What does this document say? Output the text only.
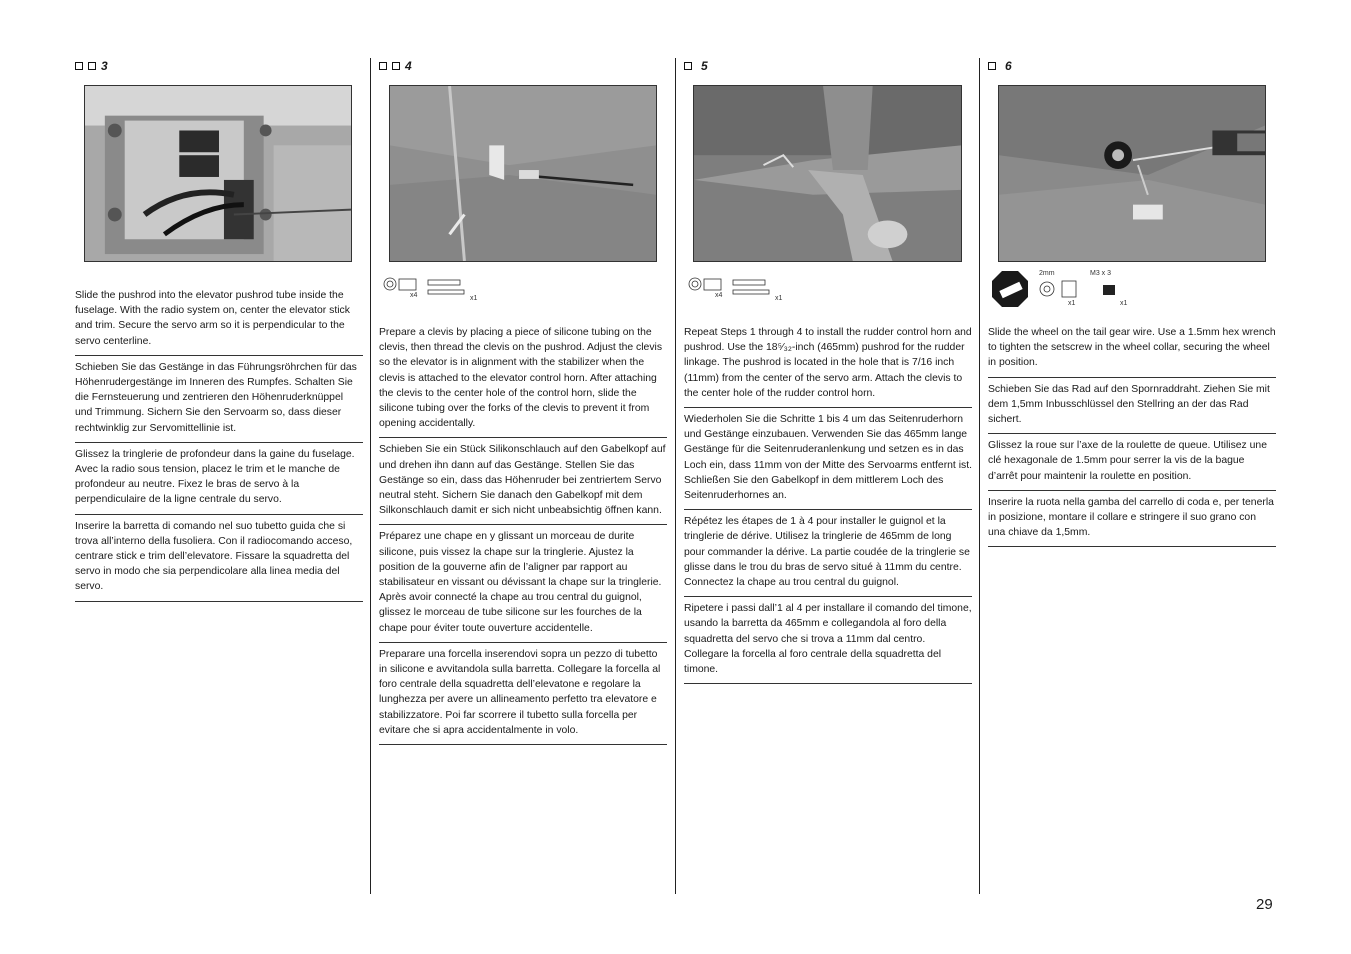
3
Slide the pushrod into the elevator pushrod tube inside the fuselage. With the radio system on, center the elevator stick and trim. Secure the servo arm so it is perpendicular to the servo centerline.
Schieben Sie das Gestänge in das Führungsröhrchen für das Höhenrudergestänge im Inneren des Rumpfes. Schalten Sie die Fernsteuerung und zentrieren den Höhenruderknüppel und Trimmung. Sichern Sie den Servoarm so, dass dieser rechtwinklig zur Servomittellinie ist.
Glissez la tringlerie de profondeur dans la gaine du fuselage. Avec la radio sous tension, placez le trim et le manche de profondeur au neutre. Fixez le bras de servo à la perpendiculaire de la ligne centrale du servo.
Inserire la barretta di comando nel suo tubetto guida che si trova all’interno della fusoliera. Con il radiocomando acceso, centrare stick e trim dell’elevatore. Fissare la squadretta del servo in modo che sia perpendicolare alla linea media del servo.
4
x4	x1
Prepare a clevis by placing a piece of silicone tubing on the clevis, then thread the clevis on the pushrod. Adjust the clevis so the elevator is in alignment with the stabilizer when the clevis is attached to the elevator control horn. After attaching the clevis to the center hole of the control horn, slide the silicone tubing over the forks of the clevis to prevent it from opening accidentally.
Schieben Sie ein Stück Silikonschlauch auf den Gabelkopf auf und drehen ihn dann auf das Gestänge. Stellen Sie das Gestänge so ein, dass das Höhenruder bei zentriertem Servo neutral steht. Sichern Sie danach den Gabelkopf mit dem Silkonschlauch damit er sich nicht unbeabsichtig öffnen kann.
Préparez une chape en y glissant un morceau de durite silicone, puis vissez la chape sur la tringlerie. Ajustez la position de la gouverne afin de l’aligner par rapport au stabilisateur en vissant ou dévissant la chape sur la tringlerie. Après avoir connecté la chape au trou central du guignol, glissez le morceau de tube silicone sur les fourches de la chape pour éviter toute ouverture accidentelle.
Preparare una forcella inserendovi sopra un pezzo di tubetto in silicone e avvitandola sulla barretta. Collegare la forcella al foro centrale della squadretta dell’elevatone e regolare la lunghezza per avere un allineamento perfetto tra elevatore e stabilizzatore. Poi far scorrere il tubetto sulla forcella per evitare che si apra accidentalmente in volo.
5
x4	x1
Repeat Steps 1 through 4 to install the rudder control horn and pushrod. Use the 18⁵⁄₃₂-inch (465mm) pushrod for the rudder linkage. The pushrod is located in the hole that is 7/16 inch (11mm) from the center of the servo arm. Attach the clevis to the center hole of the rudder control horn.
Wiederholen Sie die Schritte 1 bis 4 um das Seitenruderhorn und Gestänge einzubauen. Verwenden Sie das 465mm lange Gestänge für die Seitenruderanlenkung und setzen es in das Loch ein, dass 11mm von der Mitte des Servoarms entfernt ist. Schließen Sie den Gabelkopf in dem mittlerem Loch des Seitenruderhornes an.
Répétez les étapes de 1 à 4 pour installer le guignol et la tringlerie de dérive. Utilisez la tringlerie de 465mm de long pour commander la dérive. La partie coudée de la tringlerie se glisse dans le trou du bras de servo situé à 11mm du centre. Connectez la chape au trou central du guignol.
Ripetere i passi dall’1 al 4 per installare il comando del timone, usando la barretta da 465mm e collegandola al foro della squadretta del servo che si trova a 11mm dal centro. Collegare la forcella al foro centrale della squadretta del timone.
6
2mm	M3 x 3
x1	x1
Slide the wheel on the tail gear wire. Use a 1.5mm hex wrench to tighten the setscrew in the wheel collar, securing the wheel in position.
Schieben Sie das Rad auf den Spornraddraht. Ziehen Sie mit dem 1,5mm Inbusschlüssel den Stellring an der das Rad sichert.
Glissez la roue sur l’axe de la roulette de queue. Utilisez une clé hexagonale de 1.5mm pour serrer la vis de la bague d’arrêt pour maintenir la roulette en position.
Inserire la ruota nella gamba del carrello di coda e, per tenerla in posizione, montare il collare e stringere il suo grano con una chiave da 1,5mm.
29
